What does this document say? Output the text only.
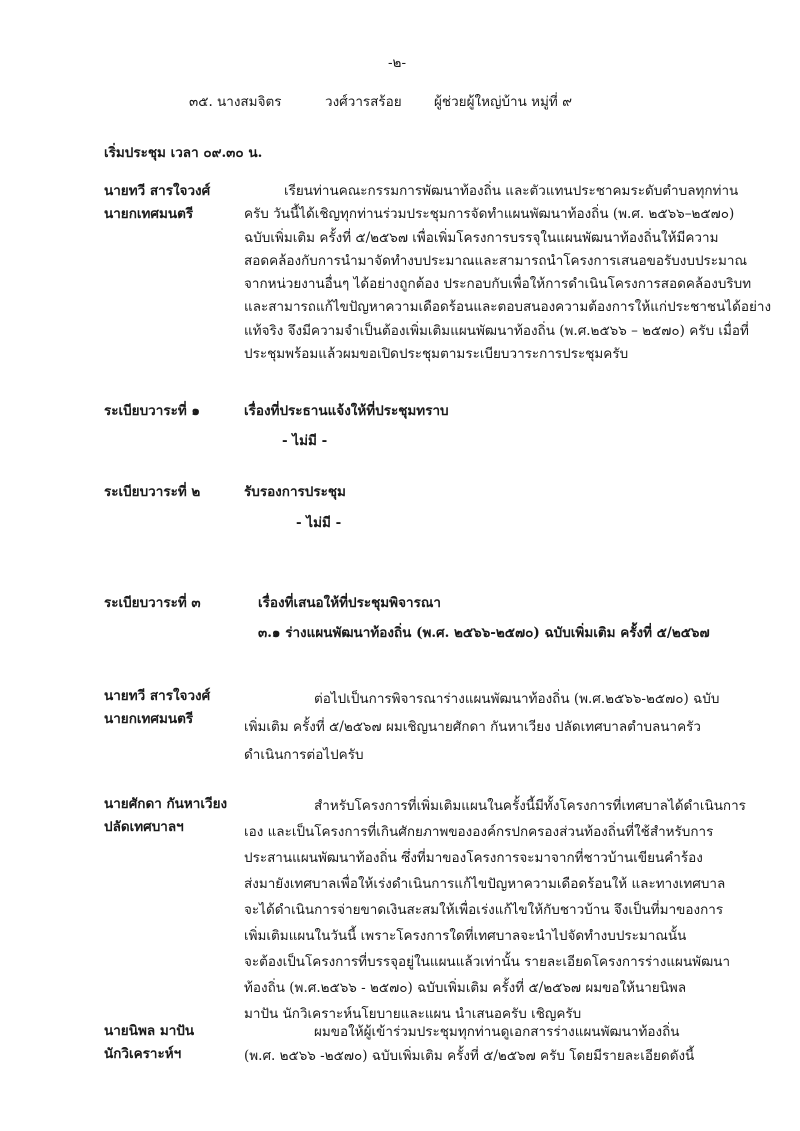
-๒-
๓๕. นางสมจิตร	วงศ์วารสร้อย ผู้ช่วยผู้ใหญ่บ้าน หมู่ที่ ๙
เริ่มประชุม เวลา ๐๙.๓๐ น.
นายทวี สารใจวงศ์
นายกเทศมนตรี
เรียนท่านคณะกรรมการพัฒนาท้องถิ่น และตัวแทนประชาคมระดับตำบลทุกท่าน
ครับ วันนี้ได้เชิญทุกท่านร่วมประชุมการจัดทำแผนพัฒนาท้องถิ่น (พ.ศ. ๒๕๖๖–๒๕๗๐)
ฉบับเพิ่มเติม ครั้งที่ ๕/๒๕๖๗ เพื่อเพิ่มโครงการบรรจุในแผนพัฒนาท้องถิ่นให้มีความ
สอดคล้องกับการนำมาจัดทำงบประมาณและสามารถนำโครงการเสนอขอรับงบประมาณ
จากหน่วยงานอื่นๆ ได้อย่างถูกต้อง ประกอบกับเพื่อให้การดำเนินโครงการสอดคล้องบริบท
และสามารถแก้ไขปัญหาความเดือดร้อนและตอบสนองความต้องการให้แก่ประชาชนได้อย่าง
แท้จริง จึงมีความจำเป็นต้องเพิ่มเติมแผนพัฒนาท้องถิ่น (พ.ศ.๒๕๖๖ – ๒๕๗๐) ครับ เมื่อที่
ประชุมพร้อมแล้วผมขอเปิดประชุมตามระเบียบวาระการประชุมครับ
ระเบียบวาระที่ ๑	เรื่องที่ประธานแจ้งให้ที่ประชุมทราบ
- ไม่มี -
ระเบียบวาระที่ ๒	รับรองการประชุม
- ไม่มี -
ระเบียบวาระที่ ๓	เรื่องที่เสนอให้ที่ประชุมพิจารณา
๓.๑ ร่างแผนพัฒนาท้องถิ่น (พ.ศ. ๒๕๖๖-๒๕๗๐) ฉบับเพิ่มเติม ครั้งที่ ๕/๒๕๖๗
นายทวี สารใจวงศ์
นายกเทศมนตรี
ต่อไปเป็นการพิจารณาร่างแผนพัฒนาท้องถิ่น (พ.ศ.๒๕๖๖-๒๕๗๐) ฉบับ
เพิ่มเติม ครั้งที่ ๕/๒๕๖๗ ผมเชิญนายศักดา กันหาเวียง ปลัดเทศบาลตำบลนาครัว
ดำเนินการต่อไปครับ
นายศักดา กันหาเวียง
ปลัดเทศบาลฯ
สำหรับโครงการที่เพิ่มเติมแผนในครั้งนี้มีทั้งโครงการที่เทศบาลได้ดำเนินการ
เอง และเป็นโครงการที่เกินศักยภาพขององค์กรปกครองส่วนท้องถิ่นที่ใช้สำหรับการ
ประสานแผนพัฒนาท้องถิ่น ซึ่งที่มาของโครงการจะมาจากที่ชาวบ้านเขียนคำร้อง
ส่งมายังเทศบาลเพื่อให้เร่งดำเนินการแก้ไขปัญหาความเดือดร้อนให้ และทางเทศบาล
จะได้ดำเนินการจ่ายขาดเงินสะสมให้เพื่อเร่งแก้ไขให้กับชาวบ้าน จึงเป็นที่มาของการ
เพิ่มเติมแผนในวันนี้ เพราะโครงการใดที่เทศบาลจะนำไปจัดทำงบประมาณนั้น
จะต้องเป็นโครงการที่บรรจุอยู่ในแผนแล้วเท่านั้น รายละเอียดโครงการร่างแผนพัฒนา
ท้องถิ่น (พ.ศ.๒๕๖๖ - ๒๕๗๐) ฉบับเพิ่มเติม ครั้งที่ ๕/๒๕๖๗ ผมขอให้นายนิพล
มาปัน นักวิเคราะห์นโยบายและแผน นำเสนอครับ เชิญครับ
นายนิพล มาปัน
นักวิเคราะห์ฯ
ผมขอให้ผู้เข้าร่วมประชุมทุกท่านดูเอกสารร่างแผนพัฒนาท้องถิ่น
(พ.ศ. ๒๕๖๖ -๒๕๗๐) ฉบับเพิ่มเติม ครั้งที่ ๕/๒๕๖๗ ครับ โดยมีรายละเอียดดังนี้
